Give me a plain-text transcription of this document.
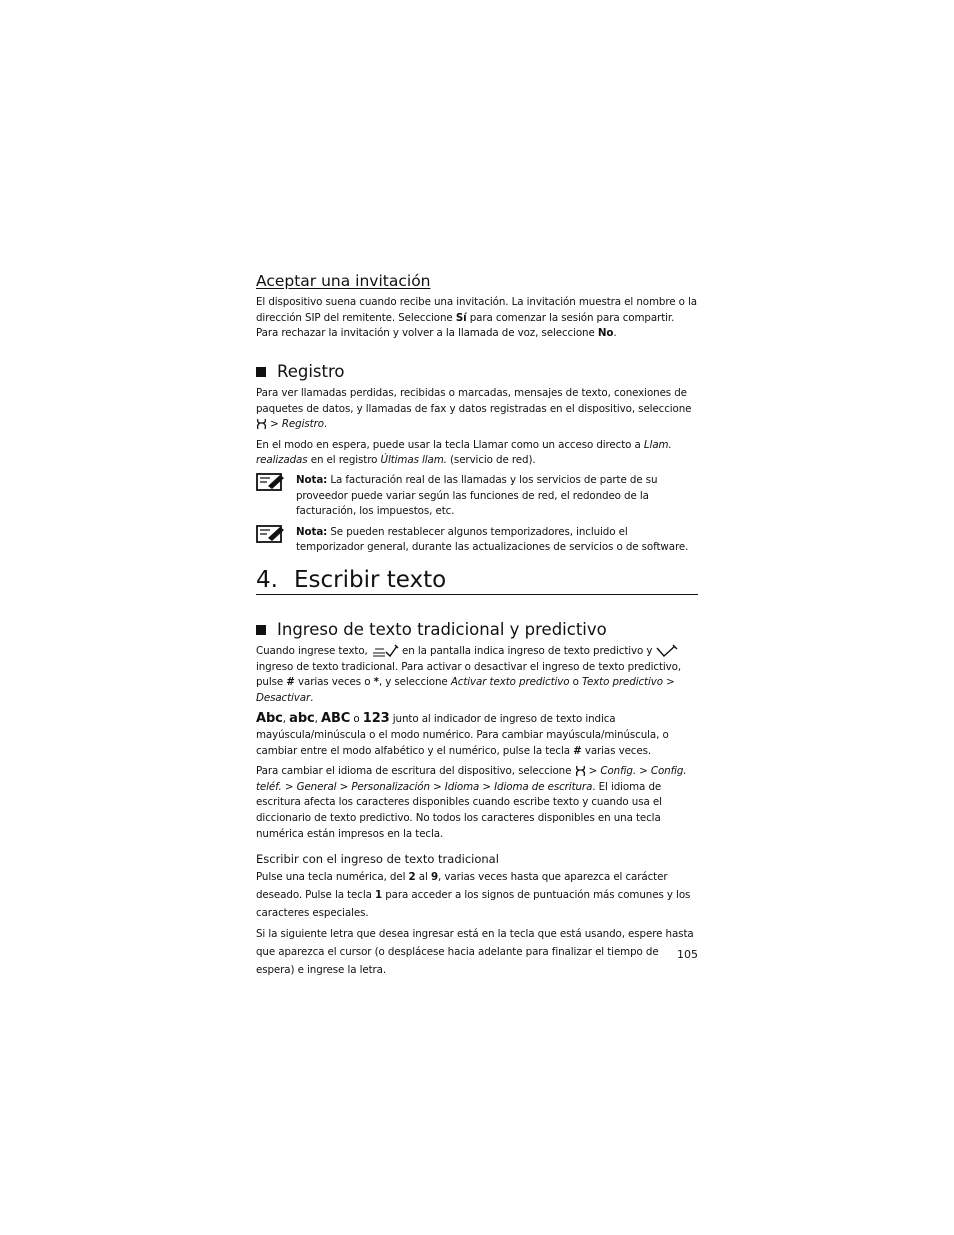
Aceptar una invitación

El dispositivo suena cuando recibe una invitación. La invitación muestra el nombre o la dirección SIP del remitente. Seleccione Sí para comenzar la sesión para compartir. Para rechazar la invitación y volver a la llamada de voz, seleccione No.

Registro

Para ver llamadas perdidas, recibidas o marcadas, mensajes de texto, conexiones de paquetes de datos, y llamadas de fax y datos registradas en el dispositivo, seleccione  > Registro.

En el modo en espera, puede usar la tecla Llamar como un acceso directo a Llam. realizadas en el registro Últimas llam. (servicio de red).

Nota: La facturación real de las llamadas y los servicios de parte de su proveedor puede variar según las funciones de red, el redondeo de la facturación, los impuestos, etc.

Nota: Se pueden restablecer algunos temporizadores, incluido el temporizador general, durante las actualizaciones de servicios o de software.

4. Escribir texto
Ingreso de texto tradicional y predictivo

Cuando ingrese texto,	en la pantalla indica ingreso de texto predictivo y  ingreso de texto tradicional. Para activar o desactivar el ingreso de texto predictivo, pulse # varias veces o *, y seleccione Activar texto predictivo o Texto predictivo > Desactivar.

Abc, abc, ABC o 123 junto al indicador de ingreso de texto indica mayúscula/minúscula o el modo numérico. Para cambiar mayúscula/minúscula, o cambiar entre el modo alfabético y el numérico, pulse la tecla # varias veces.

Para cambiar el idioma de escritura del dispositivo, seleccione  > Config. > Config. teléf. > General > Personalización > Idioma > Idioma de escritura. El idioma de escritura afecta los caracteres disponibles cuando escribe texto y cuando usa el diccionario de texto predictivo. No todos los caracteres disponibles en una tecla numérica están impresos en la tecla.

Escribir con el ingreso de texto tradicional

Pulse una tecla numérica, del 2 al 9, varias veces hasta que aparezca el carácter deseado. Pulse la tecla 1 para acceder a los signos de puntuación más comunes y los caracteres especiales.

Si la siguiente letra que desea ingresar está en la tecla que está usando, espere hasta que aparezca el cursor (o desplácese hacia adelante para finalizar el tiempo de espera) e ingrese la letra.

105
